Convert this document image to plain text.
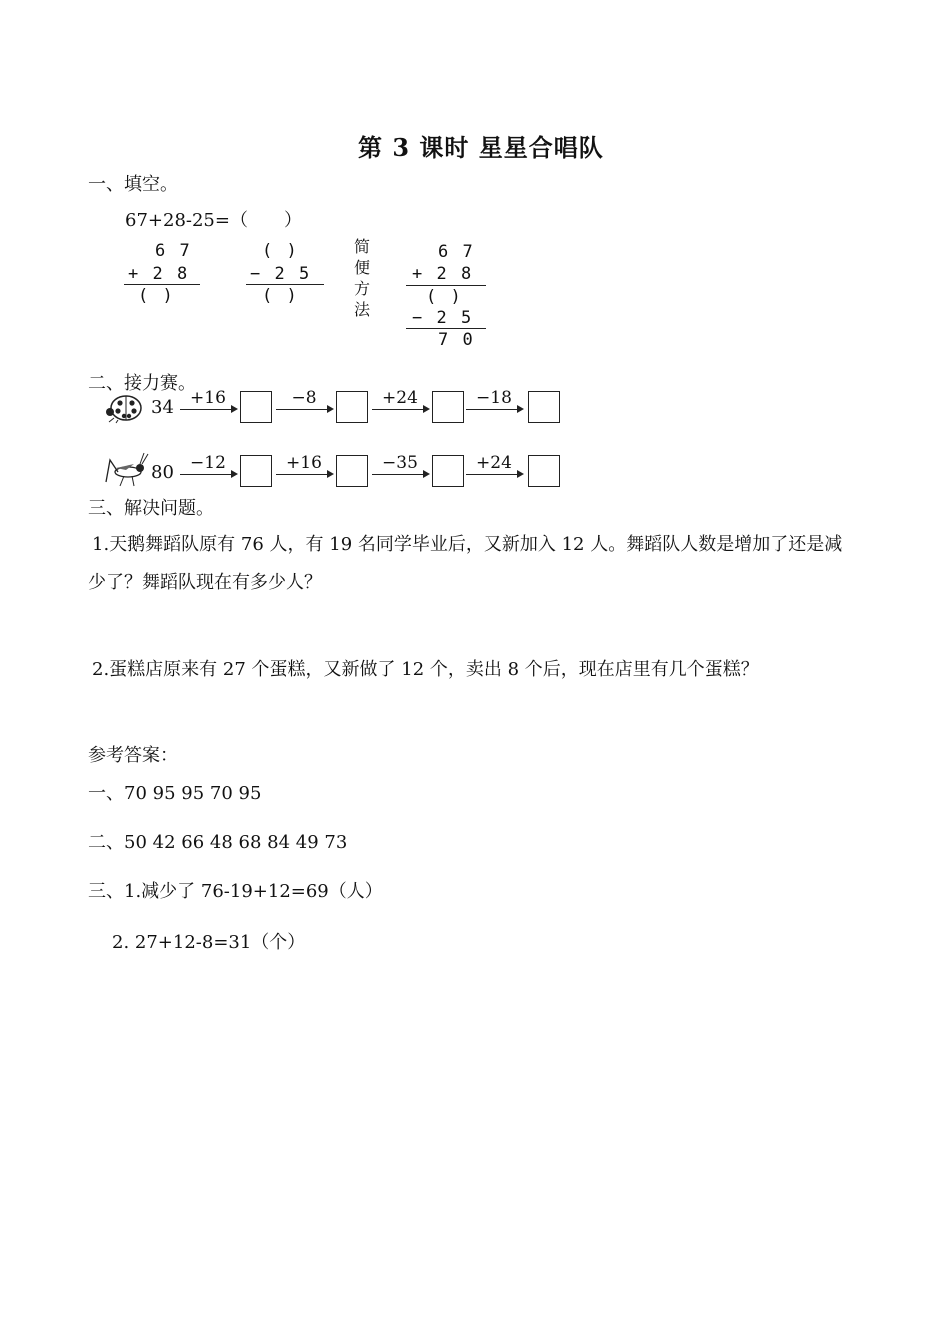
第 3 课时 星星合唱队
一、填空。
67+28-25=（　　）
6 7
+ 2 8
( )
( )
− 2 5
( )
简便方法
6 7
+ 2 8
( )
− 2 5
7 0
二、接力赛。
34 +16	−8	+24	−18
80 −12	+16	−35	+24
三、解决问题。
1.天鹅舞蹈队原有 76 人，有 19 名同学毕业后，又新加入 12 人。舞蹈队人数是增加了还是减
少了？舞蹈队现在有多少人？
2.蛋糕店原来有 27 个蛋糕，又新做了 12 个，卖出 8 个后，现在店里有几个蛋糕？
参考答案：
一、70 95 95 70 95
二、50 42 66 48 68 84 49 73
三、1.减少了 76-19+12=69（人）
2. 27+12-8=31（个）
